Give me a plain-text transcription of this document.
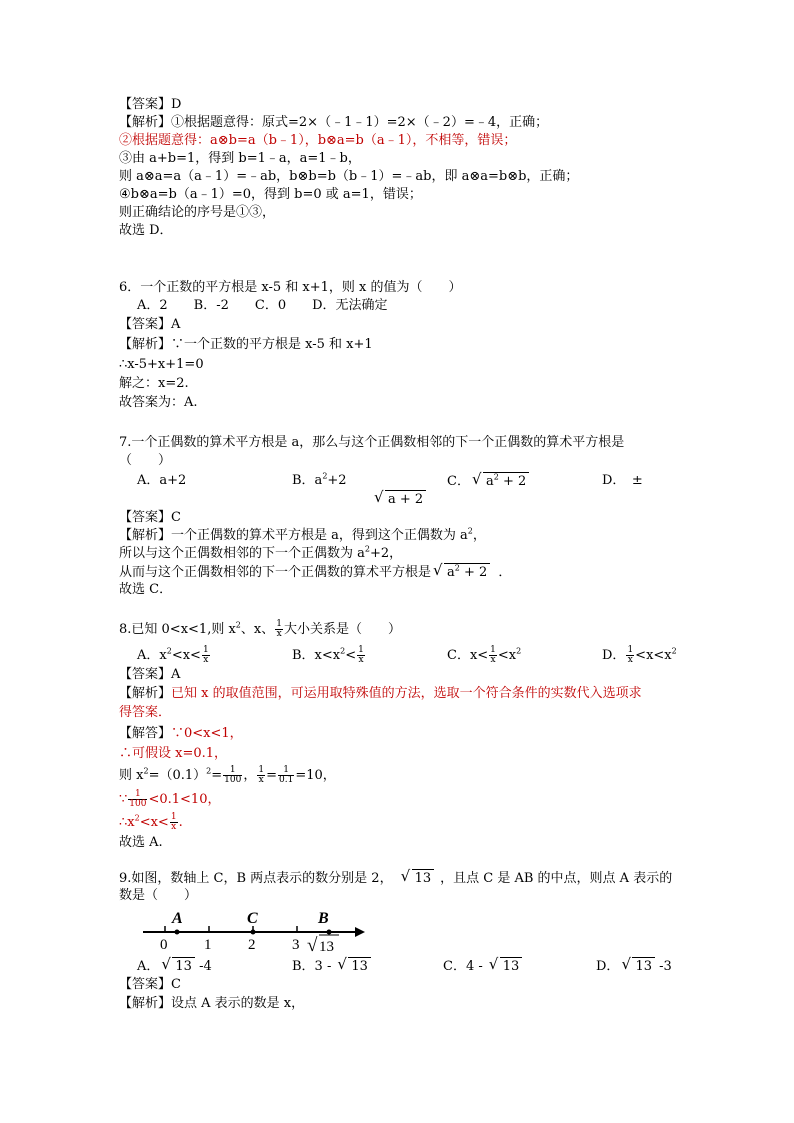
【答案】D
【解析】①根据题意得：原式=2×（﹣1﹣1）=2×（﹣2）=﹣4，正确；
②根据题意得：a⊗b=a（b﹣1），b⊗a=b（a﹣1），不相等，错误；
③由 a+b=1，得到 b=1﹣a，a=1﹣b，
则 a⊗a=a（a﹣1）=﹣ab，b⊗b=b（b﹣1）=﹣ab，即 a⊗a=b⊗b，正确；
④b⊗a=b（a﹣1）=0，得到 b=0 或 a=1，错误；
则正确结论的序号是①③，
故选 D．
6．一个正数的平方根是 x-5 和 x+1，则 x 的值为（　　）
A．2　　B．-2　　C．0　　D．无法确定
【答案】A
【解析】∵一个正数的平方根是 x-5 和 x+1
∴x-5+x+1=0
解之：x=2.
故答案为：A.
7.一个正偶数的算术平方根是 a，那么与这个正偶数相邻的下一个正偶数的算术平方根是
（　　）
A．a+2	B．$a^2+2$	C． √ $a^2 + 2$	D．　±
√ a + 2
【答案】C
【解析】一个正偶数的算术平方根是 a，得到这个正偶数为 $a^2$，
所以与这个正偶数相邻的下一个正偶数为 $a^2+2$，
从而与这个正偶数相邻的下一个正偶数的算术平方根是 √ $a^2 + 2$ ．
故选 C．
8.已知 0<x<1,则 $x^2$、x、 $\frac{1}{x}$ 大小关系是（　　）
A．$x^2<x< \frac{1}{x}$	B．$x<x^2< \frac{1}{x}$	C．$x< \frac{1}{x} <x^2$	D． $\frac{1}{x} <x<x^2$
【答案】A
【解析】已知 x 的取值范围，可运用取特殊值的方法，选取一个符合条件的实数代入选项求
得答案．
【解答】∵0<x<1，
∴可假设 x=0.1，
则 $x^2=(0.1)^2= \frac{1}{100}$ ， $\frac{1}{x} = \frac{1}{0.1} =10$，
∵ $\frac{1}{100} <0.1<10$，
$\therefore x^2<x< \frac{1}{x}$ .
故选 A.
9.如图，数轴上 C，B 两点表示的数分别是 2， √ 13 ，且点 C 是 AB 的中点，则点 A 表示的
数是（　　）
A	C	B
0 1 2 3 √ 13
A． √ 13 -4	B．3 - √ 13	C．4 - √ 13	D． √ 13 -3
【答案】C
【解析】设点 A 表示的数是 x，
